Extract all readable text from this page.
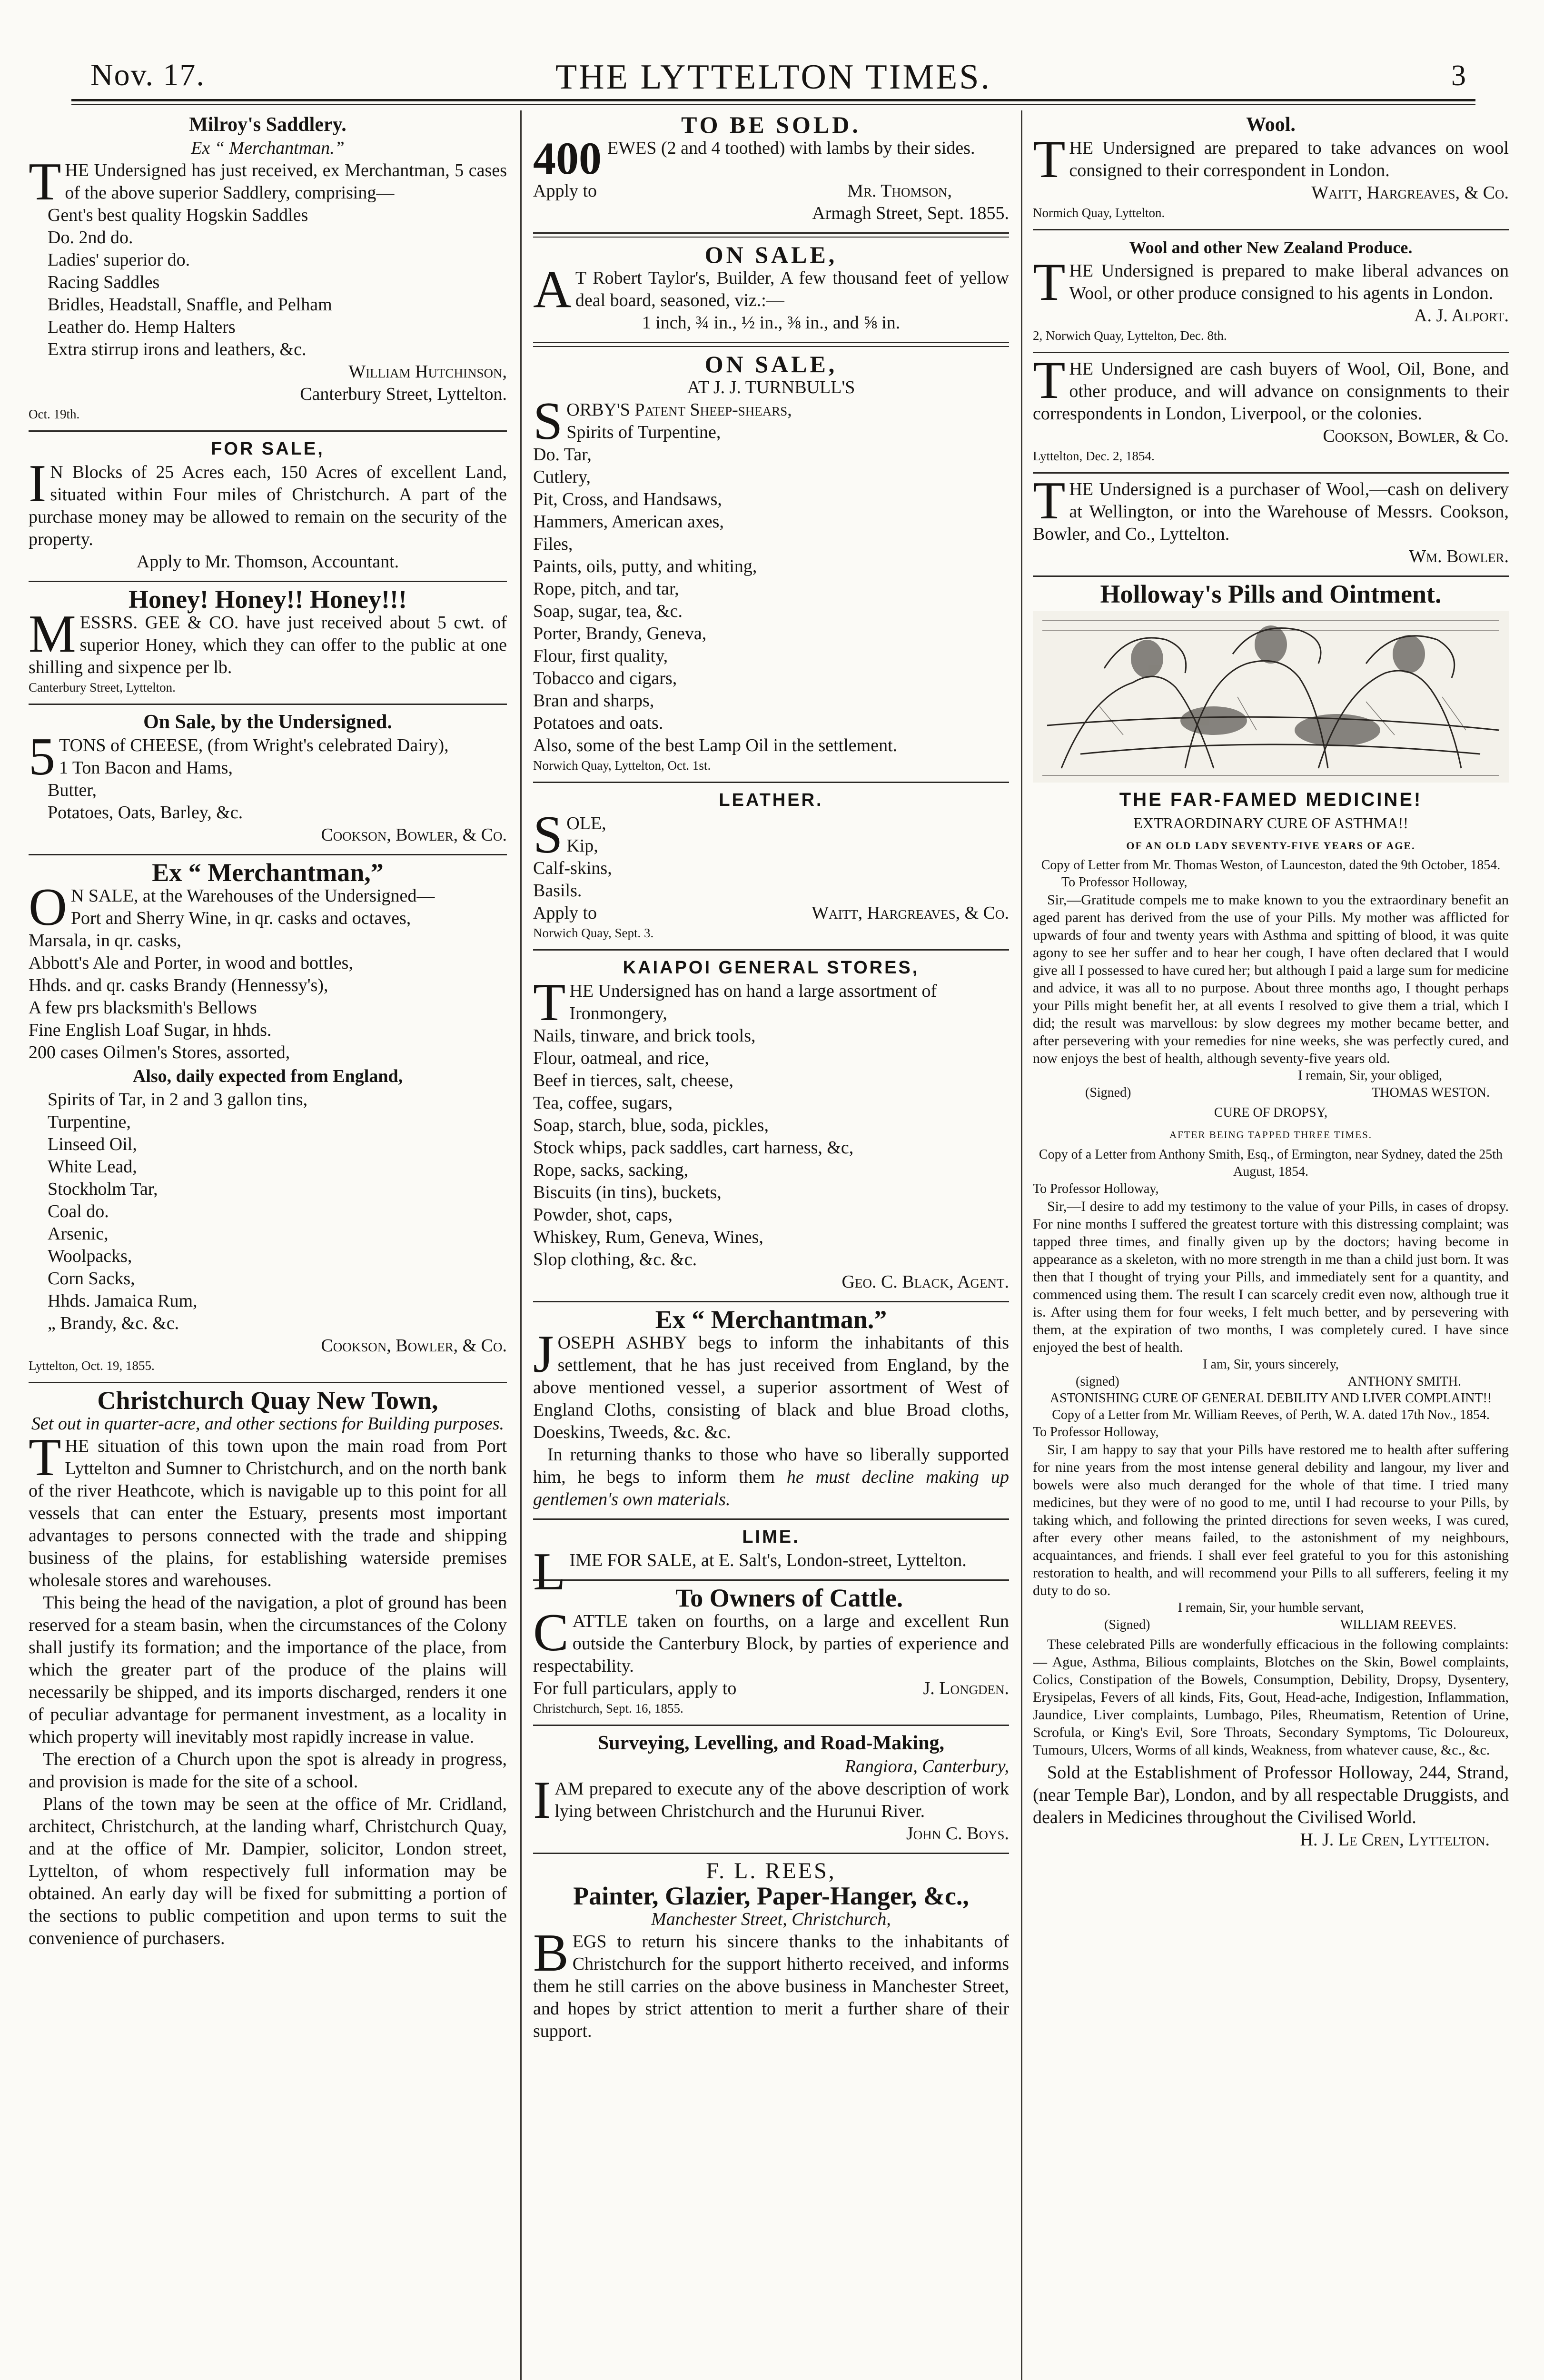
Nov. 17.	THE LYTTELTON TIMES.	3
Milroy's Saddlery.
Ex “ Merchantman.”

THE Undersigned has just received, ex Merchantman, 5 cases of the above superior Saddlery, comprising—

Gent's best quality Hogskin Saddles
Do. 2nd do.
Ladies' superior do.
Racing Saddles
Bridles, Headstall, Snaffle, and Pelham
Leather do. Hemp Halters
Extra stirrup irons and leathers, &c.
William Hutchinson,
Canterbury Street, Lyttelton.
Oct. 19th.
FOR SALE,

IN Blocks of 25 Acres each, 150 Acres of excellent Land, situated within Four miles of Christchurch. A part of the purchase money may be allowed to remain on the security of the property.

Apply to Mr. Thomson, Accountant.
Honey! Honey!! Honey!!!

MESSRS. GEE & CO. have just received about 5 cwt. of superior Honey, which they can offer to the public at one shilling and sixpence per lb.

Canterbury Street, Lyttelton.
On Sale, by the Undersigned.

5TONS of CHEESE, (from Wright's celebrated Dairy),

1 Ton Bacon and Hams,
Butter,
Potatoes, Oats, Barley, &c.
Cookson, Bowler, & Co.
Ex “ Merchantman,”

ON SALE, at the Warehouses of the Undersigned—

Port and Sherry Wine, in qr. casks and octaves,
Marsala, in qr. casks,
Abbott's Ale and Porter, in wood and bottles,
Hhds. and qr. casks Brandy (Hennessy's),
A few prs blacksmith's Bellows
Fine English Loaf Sugar, in hhds.
200 cases Oilmen's Stores, assorted,
Also, daily expected from England,
Spirits of Tar, in 2 and 3 gallon tins,
Turpentine,
Linseed Oil,
White Lead,
Stockholm Tar,
Coal do.
Arsenic,
Woolpacks,
Corn Sacks,
Hhds. Jamaica Rum,
„ Brandy, &c. &c.
Cookson, Bowler, & Co.
Lyttelton, Oct. 19, 1855.
Christchurch Quay New Town,
Set out in quarter-acre, and other sections for Building purposes.

THE situation of this town upon the main road from Port Lyttelton and Sumner to Christchurch, and on the north bank of the river Heathcote, which is navigable up to this point for all vessels that can enter the Estuary, presents most important advantages to persons connected with the trade and shipping business of the plains, for establishing waterside premises wholesale stores and warehouses.

This being the head of the navigation, a plot of ground has been reserved for a steam basin, when the circumstances of the Colony shall justify its formation; and the importance of the place, from which the greater part of the produce of the plains will necessarily be shipped, and its imports discharged, renders it one of peculiar advantage for permanent investment, as a locality in which property will inevitably most rapidly increase in value.

The erection of a Church upon the spot is already in progress, and provision is made for the site of a school.

Plans of the town may be seen at the office of Mr. Cridland, architect, Christchurch, at the landing wharf, Christchurch Quay, and at the office of Mr. Dampier, solicitor, London street, Lyttelton, of whom respectively full information may be obtained. An early day will be fixed for submitting a portion of the sections to public competition and upon terms to suit the convenience of purchasers.

TO BE SOLD.

400 EWES (2 and 4 toothed) with lambs by their sides.

Apply to	Mr. Thomson,
Armagh Street, Sept. 1855.
ON SALE,

AT Robert Taylor's, Builder, A few thousand feet of yellow deal board, seasoned, viz.:—

1 inch, ¾ in., ½ in., ⅜ in., and ⅝ in.
ON SALE,
AT J. J. TURNBULL'S

SORBY'S Patent Sheep-shears,

Spirits of Turpentine,
Do. Tar,
Cutlery,
Pit, Cross, and Handsaws,
Hammers, American axes,
Files,
Paints, oils, putty, and whiting,
Rope, pitch, and tar,
Soap, sugar, tea, &c.
Porter, Brandy, Geneva,
Flour, first quality,
Tobacco and cigars,
Bran and sharps,
Potatoes and oats.
Also, some of the best Lamp Oil in the settlement.
Norwich Quay, Lyttelton, Oct. 1st.
LEATHER.

SOLE,

Kip,
Calf-skins,
Basils.
Apply to	Waitt, Hargreaves, & Co.
Norwich Quay, Sept. 3.
KAIAPOI GENERAL STORES,

THE Undersigned has on hand a large assortment of

Ironmongery,
Nails, tinware, and brick tools,
Flour, oatmeal, and rice,
Beef in tierces, salt, cheese,
Tea, coffee, sugars,
Soap, starch, blue, soda, pickles,
Stock whips, pack saddles, cart harness, &c,
Rope, sacks, sacking,
Biscuits (in tins), buckets,
Powder, shot, caps,
Whiskey, Rum, Geneva, Wines,
Slop clothing, &c. &c.
Geo. C. Black, Agent.
Ex “ Merchantman.”

JOSEPH ASHBY begs to inform the inhabitants of this settlement, that he has just received from England, by the above mentioned vessel, a superior assortment of West of England Cloths, consisting of black and blue Broad cloths, Doeskins, Tweeds, &c. &c.

In returning thanks to those who have so liberally supported him, he begs to inform them he must decline making up gentlemen's own materials.

LIME.

LIME FOR SALE, at E. Salt's, London-street, Lyttelton.

To Owners of Cattle.

CATTLE taken on fourths, on a large and excellent Run outside the Canterbury Block, by parties of experience and respectability.

For full particulars, apply to	J. Longden.
Christchurch, Sept. 16, 1855.
Surveying, Levelling, and Road-Making,
Rangiora, Canterbury,

IAM prepared to execute any of the above description of work lying between Christchurch and the Hurunui River.

John C. Boys.
F. L. REES,
Painter, Glazier, Paper-Hanger, &c.,
Manchester Street, Christchurch,

BEGS to return his sincere thanks to the inhabitants of Christchurch for the support hitherto received, and informs them he still carries on the above business in Manchester Street, and hopes by strict attention to merit a further share of their support.

Wool.

THE Undersigned are prepared to take advances on wool consigned to their correspondent in London.

Waitt, Hargreaves, & Co.
Normich Quay, Lyttelton.
Wool and other New Zealand Produce.

THE Undersigned is prepared to make liberal advances on Wool, or other produce consigned to his agents in London.

A. J. Alport.
2, Norwich Quay, Lyttelton, Dec. 8th.

THE Undersigned are cash buyers of Wool, Oil, Bone, and other produce, and will advance on consignments to their correspondents in London, Liverpool, or the colonies.

Cookson, Bowler, & Co.
Lyttelton, Dec. 2, 1854.

THE Undersigned is a purchaser of Wool,—cash on delivery at Wellington, or into the Warehouse of Messrs. Cookson, Bowler, and Co., Lyttelton.

Wm. Bowler.
Holloway's Pills and Ointment.
THE FAR-FAMED MEDICINE!
EXTRAORDINARY CURE OF ASTHMA!!
OF AN OLD LADY SEVENTY-FIVE YEARS OF AGE.
Copy of Letter from Mr. Thomas Weston, of Launceston, dated the 9th October, 1854.
To Professor Holloway,

Sir,—Gratitude compels me to make known to you the extraordinary benefit an aged parent has derived from the use of your Pills. My mother was afflicted for upwards of four and twenty years with Asthma and spitting of blood, it was quite agony to see her suffer and to hear her cough, I have often declared that I would give all I possessed to have cured her; but although I paid a large sum for medicine and advice, it was all to no purpose. About three months ago, I thought perhaps your Pills might benefit her, at all events I resolved to give them a trial, which I did; the result was marvellous: by slow degrees my mother became better, and after persevering with your remedies for nine weeks, she was perfectly cured, and now enjoys the best of health, although seventy-five years old.

I remain, Sir, your obliged,
(Signed)	THOMAS WESTON.
CURE OF DROPSY,
AFTER BEING TAPPED THREE TIMES.
Copy of a Letter from Anthony Smith, Esq., of Ermington, near Sydney, dated the 25th August, 1854.
To Professor Holloway,

Sir,—I desire to add my testimony to the value of your Pills, in cases of dropsy. For nine months I suffered the greatest torture with this distressing complaint; was tapped three times, and finally given up by the doctors; having become in appearance as a skeleton, with no more strength in me than a child just born. It was then that I thought of trying your Pills, and immediately sent for a quantity, and commenced using them. The result I can scarcely credit even now, although true it is. After using them for four weeks, I felt much better, and by persevering with them, at the expiration of two months, I was completely cured. I have since enjoyed the best of health.

I am, Sir, yours sincerely,
(signed)	ANTHONY SMITH.
ASTONISHING CURE OF GENERAL DEBILITY AND LIVER COMPLAINT!!
Copy of a Letter from Mr. William Reeves, of Perth, W. A. dated 17th Nov., 1854.
To Professor Holloway,

Sir, I am happy to say that your Pills have restored me to health after suffering for nine years from the most intense general debility and langour, my liver and bowels were also much deranged for the whole of that time. I tried many medicines, but they were of no good to me, until I had recourse to your Pills, by taking which, and following the printed directions for seven weeks, I was cured, after every other means failed, to the astonishment of my neighbours, acquaintances, and friends. I shall ever feel grateful to you for this astonishing restoration to health, and will recommend your Pills to all sufferers, feeling it my duty to do so.

I remain, Sir, your humble servant,
(Signed)	WILLIAM REEVES.

These celebrated Pills are wonderfully efficacious in the following complaints:— Ague, Asthma, Bilious complaints, Blotches on the Skin, Bowel complaints, Colics, Constipation of the Bowels, Consumption, Debility, Dropsy, Dysentery, Erysipelas, Fevers of all kinds, Fits, Gout, Head-ache, Indigestion, Inflammation, Jaundice, Liver complaints, Lumbago, Piles, Rheumatism, Retention of Urine, Scrofula, or King's Evil, Sore Throats, Secondary Symptoms, Tic Doloureux, Tumours, Ulcers, Worms of all kinds, Weakness, from whatever cause, &c., &c.

Sold at the Establishment of Professor Holloway, 244, Strand, (near Temple Bar), London, and by all respectable Druggists, and dealers in Medicines throughout the Civilised World.

H. J. Le Cren, Lyttelton.
